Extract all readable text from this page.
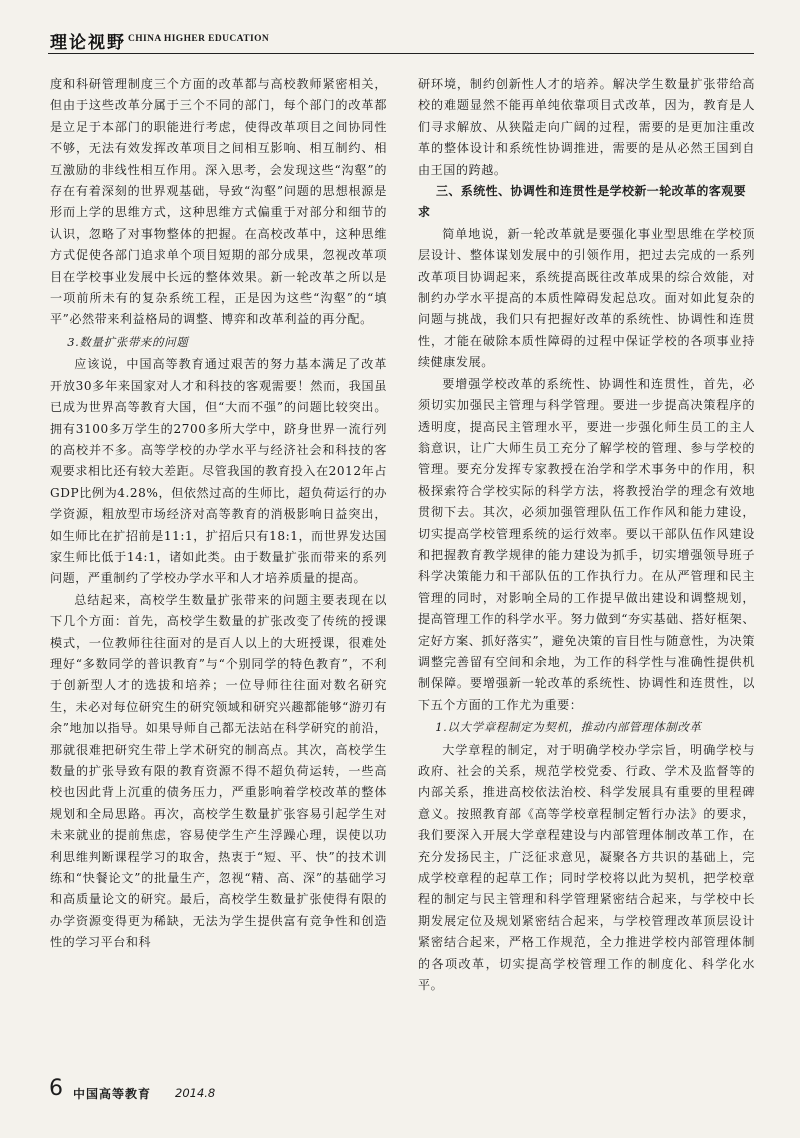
理论视野 CHINA HIGHER EDUCATION

度和科研管理制度三个方面的改革都与高校教师紧密相关，但由于这些改革分属于三个不同的部门，每个部门的改革都是立足于本部门的职能进行考虑，使得改革项目之间协同性不够，无法有效发挥改革项目之间相互影响、相互制约、相互激励的非线性相互作用。深入思考，会发现这些“沟壑”的存在有着深刻的世界观基础，导致“沟壑”问题的思想根源是形而上学的思维方式，这种思维方式偏重于对部分和细节的认识，忽略了对事物整体的把握。在高校改革中，这种思维方式促使各部门追求单个项目短期的部分成果，忽视改革项目在学校事业发展中长远的整体效果。新一轮改革之所以是一项前所未有的复杂系统工程，正是因为这些“沟壑”的“填平”必然带来利益格局的调整、博弈和改革利益的再分配。

3.数量扩张带来的问题

应该说，中国高等教育通过艰苦的努力基本满足了改革开放30多年来国家对人才和科技的客观需要！然而，我国虽已成为世界高等教育大国，但“大而不强”的问题比较突出。拥有3100多万学生的2700多所大学中，跻身世界一流行列的高校并不多。高等学校的办学水平与经济社会和科技的客观要求相比还有较大差距。尽管我国的教育投入在2012年占GDP比例为4.28%，但依然过高的生师比，超负荷运行的办学资源，粗放型市场经济对高等教育的消极影响日益突出，如生师比在扩招前是11:1，扩招后只有18:1，而世界发达国家生师比低于14:1，诸如此类。由于数量扩张而带来的系列问题，严重制约了学校办学水平和人才培养质量的提高。

总结起来，高校学生数量扩张带来的问题主要表现在以下几个方面：首先，高校学生数量的扩张改变了传统的授课模式，一位教师往往面对的是百人以上的大班授课，很难处理好“多数同学的普识教育”与“个别同学的特色教育”，不利于创新型人才的选拔和培养；一位导师往往面对数名研究生，未必对每位研究生的研究领域和研究兴趣都能够“游刃有余”地加以指导。如果导师自己都无法站在科学研究的前沿，那就很难把研究生带上学术研究的制高点。其次，高校学生数量的扩张导致有限的教育资源不得不超负荷运转，一些高校也因此背上沉重的债务压力，严重影响着学校改革的整体规划和全局思路。再次，高校学生数量扩张容易引起学生对未来就业的提前焦虑，容易使学生产生浮躁心理，误使以功利思维判断课程学习的取舍，热衷于“短、平、快”的技术训练和“快餐论文”的批量生产，忽视“精、高、深”的基础学习和高质量论文的研究。最后，高校学生数量扩张使得有限的办学资源变得更为稀缺，无法为学生提供富有竞争性和创造性的学习平台和科

研环境，制约创新性人才的培养。解决学生数量扩张带给高校的难题显然不能再单纯依靠项目式改革，因为，教育是人们寻求解放、从狭隘走向广阔的过程，需要的是更加注重改革的整体设计和系统性协调推进，需要的是从必然王国到自由王国的跨越。

三、系统性、协调性和连贯性是学校新一轮改革的客观要求

简单地说，新一轮改革就是要强化事业型思维在学校顶层设计、整体谋划发展中的引领作用，把过去完成的一系列改革项目协调起来，系统提高既往改革成果的综合效能，对制约办学水平提高的本质性障碍发起总攻。面对如此复杂的问题与挑战，我们只有把握好改革的系统性、协调性和连贯性，才能在破除本质性障碍的过程中保证学校的各项事业持续健康发展。

要增强学校改革的系统性、协调性和连贯性，首先，必须切实加强民主管理与科学管理。要进一步提高决策程序的透明度，提高民主管理水平，要进一步强化师生员工的主人翁意识，让广大师生员工充分了解学校的管理、参与学校的管理。要充分发挥专家教授在治学和学术事务中的作用，积极探索符合学校实际的科学方法，将教授治学的理念有效地贯彻下去。其次，必须加强管理队伍工作作风和能力建设，切实提高学校管理系统的运行效率。要以干部队伍作风建设和把握教育教学规律的能力建设为抓手，切实增强领导班子科学决策能力和干部队伍的工作执行力。在从严管理和民主管理的同时，对影响全局的工作提早做出建设和调整规划，提高管理工作的科学水平。努力做到“夯实基础、搭好框架、定好方案、抓好落实”，避免决策的盲目性与随意性，为决策调整完善留有空间和余地，为工作的科学性与准确性提供机制保障。要增强新一轮改革的系统性、协调性和连贯性，以下五个方面的工作尤为重要：

1.以大学章程制定为契机，推动内部管理体制改革

大学章程的制定，对于明确学校办学宗旨，明确学校与政府、社会的关系，规范学校党委、行政、学术及监督等的内部关系，推进高校依法治校、科学发展具有重要的里程碑意义。按照教育部《高等学校章程制定暂行办法》的要求，我们要深入开展大学章程建设与内部管理体制改革工作，在充分发扬民主，广泛征求意见，凝聚各方共识的基础上，完成学校章程的起草工作；同时学校将以此为契机，把学校章程的制定与民主管理和科学管理紧密结合起来，与学校中长期发展定位及规划紧密结合起来，与学校管理改革顶层设计紧密结合起来，严格工作规范，全力推进学校内部管理体制的各项改革，切实提高学校管理工作的制度化、科学化水平。

6 中国高等教育 2014.8
